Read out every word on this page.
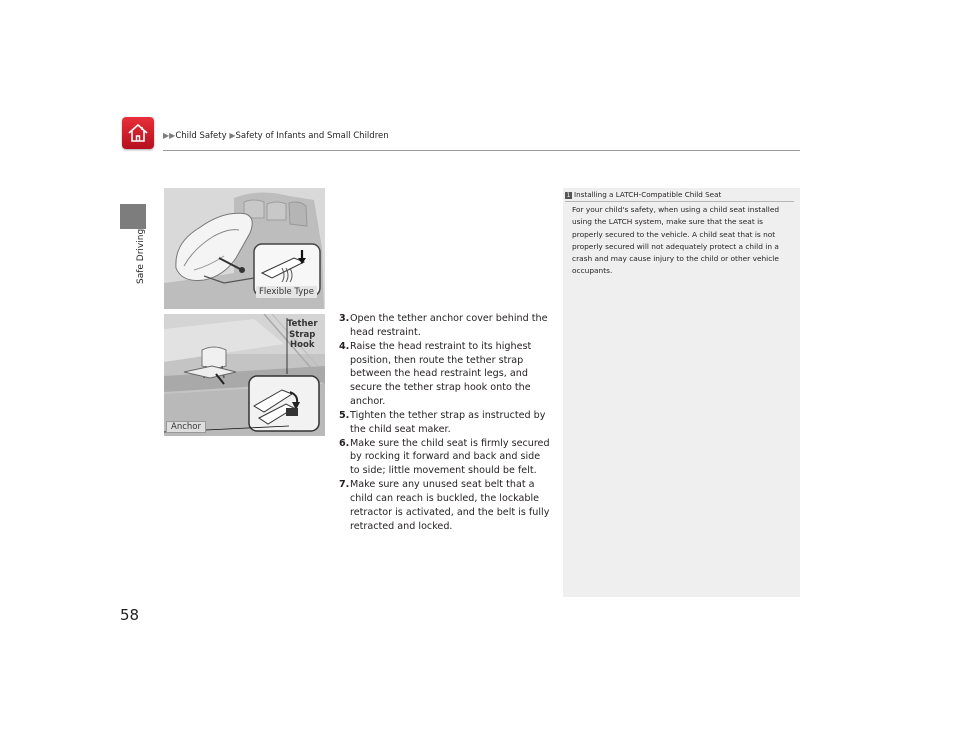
▶▶Child Safety ▶Safety of Infants and Small Children
Safe Driving
Flexible Type
Tether
Strap
Hook
Anchor
3. Open the tether anchor cover behind the head restraint.
4. Raise the head restraint to its highest position, then route the tether strap between the head restraint legs, and secure the tether strap hook onto the anchor.
5. Tighten the tether strap as instructed by the child seat maker.
6. Make sure the child seat is firmly secured by rocking it forward and back and side to side; little movement should be felt.
7. Make sure any unused seat belt that a child can reach is buckled, the lockable retractor is activated, and the belt is fully retracted and locked.
1 Installing a LATCH-Compatible Child Seat
For your child's safety, when using a child seat installed using the LATCH system, make sure that the seat is properly secured to the vehicle. A child seat that is not properly secured will not adequately protect a child in a crash and may cause injury to the child or other vehicle occupants.
58
